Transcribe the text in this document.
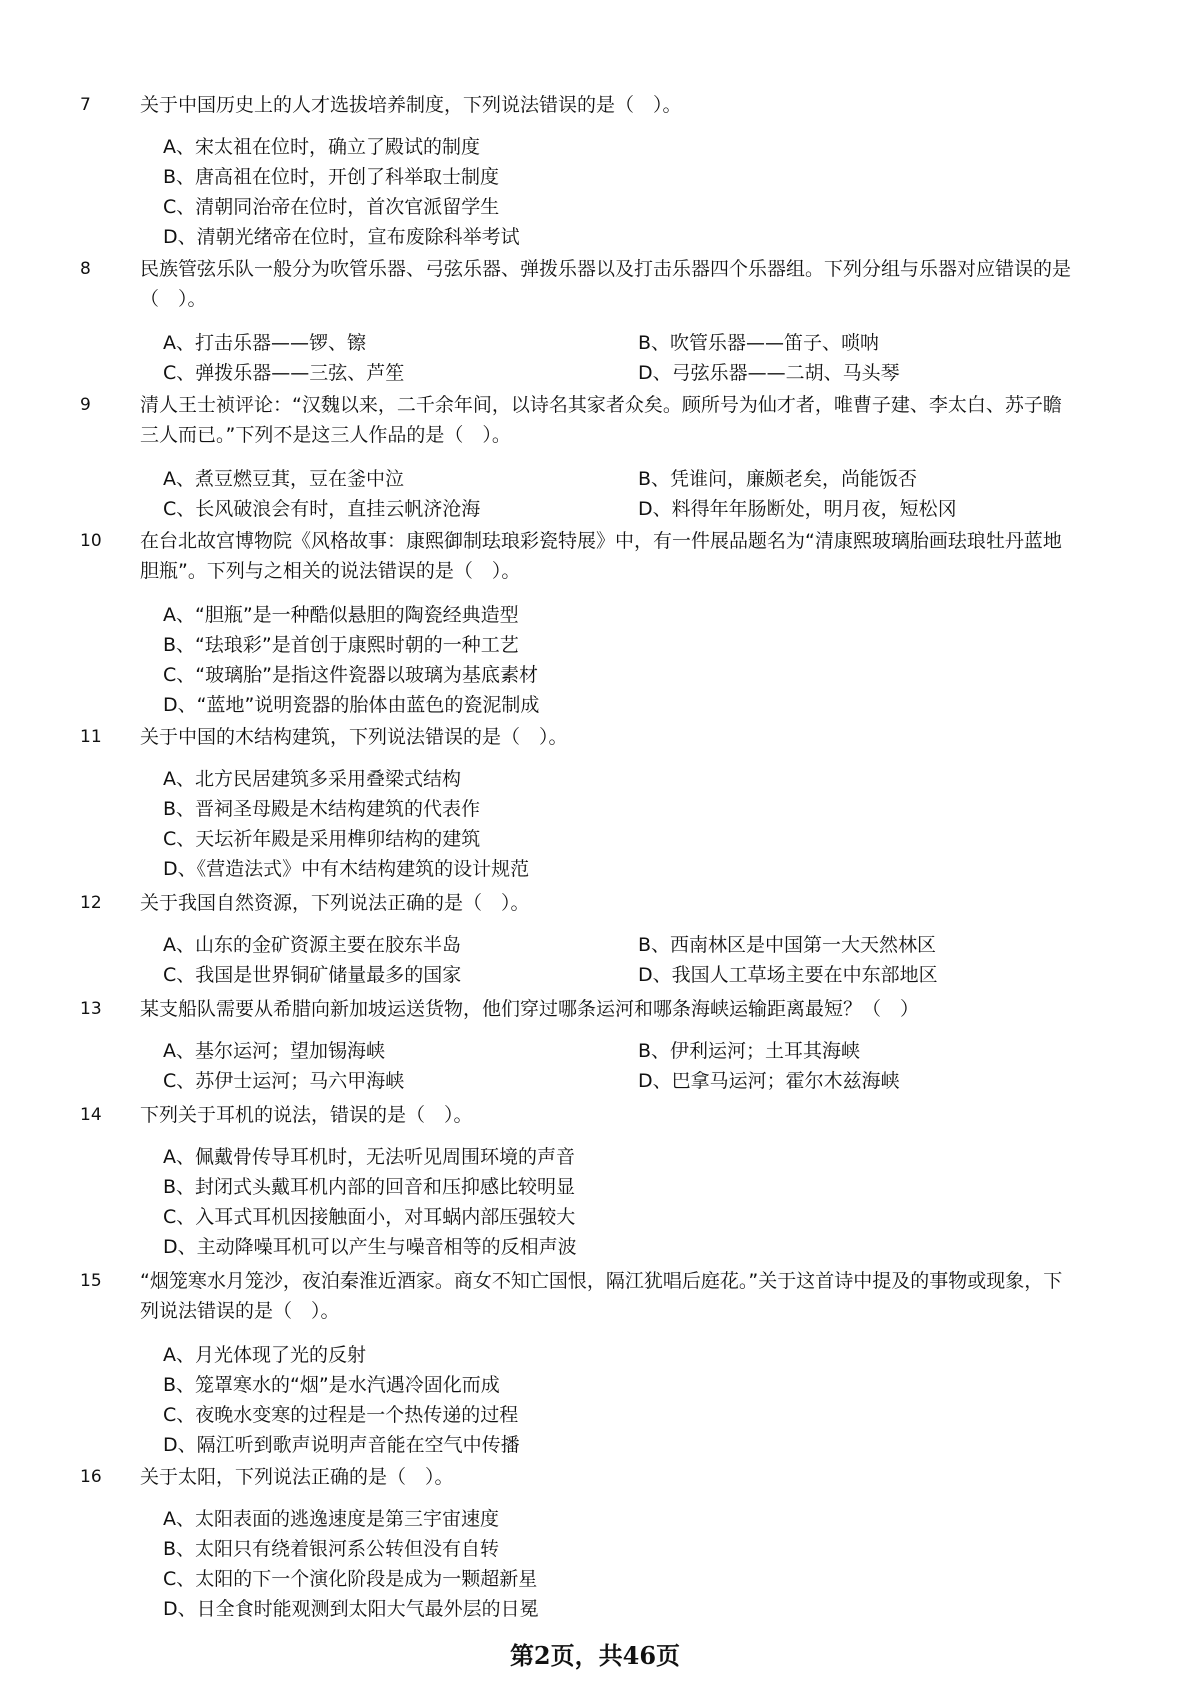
7	关于中国历史上的人才选拔培养制度，下列说法错误的是（　）。
A、宋太祖在位时，确立了殿试的制度
B、唐高祖在位时，开创了科举取士制度
C、清朝同治帝在位时，首次官派留学生
D、清朝光绪帝在位时，宣布废除科举考试
8	民族管弦乐队一般分为吹管乐器、弓弦乐器、弹拨乐器以及打击乐器四个乐器组。下列分组与乐器对应错误的是（　）。
A、打击乐器——锣、镲	B、吹管乐器——笛子、唢呐
C、弹拨乐器——三弦、芦笙	D、弓弦乐器——二胡、马头琴
9	清人王士祯评论：“汉魏以来，二千余年间，以诗名其家者众矣。顾所号为仙才者，唯曹子建、李太白、苏子瞻三人而已。”下列不是这三人作品的是（　）。
A、煮豆燃豆萁，豆在釜中泣	B、凭谁问，廉颇老矣，尚能饭否
C、长风破浪会有时，直挂云帆济沧海	D、料得年年肠断处，明月夜，短松冈
10 在台北故宫博物院《风格故事：康熙御制珐琅彩瓷特展》中，有一件展品题名为“清康熙玻璃胎画珐琅牡丹蓝地胆瓶”。下列与之相关的说法错误的是（　）。
A、“胆瓶”是一种酷似悬胆的陶瓷经典造型
B、“珐琅彩”是首创于康熙时朝的一种工艺
C、“玻璃胎”是指这件瓷器以玻璃为基底素材
D、“蓝地”说明瓷器的胎体由蓝色的瓷泥制成
11 关于中国的木结构建筑，下列说法错误的是（　）。
A、北方民居建筑多采用叠梁式结构
B、晋祠圣母殿是木结构建筑的代表作
C、天坛祈年殿是采用榫卯结构的建筑
D、《营造法式》中有木结构建筑的设计规范
12 关于我国自然资源，下列说法正确的是（　）。
A、山东的金矿资源主要在胶东半岛	B、西南林区是中国第一大天然林区
C、我国是世界铜矿储量最多的国家	D、我国人工草场主要在中东部地区
13 某支船队需要从希腊向新加坡运送货物，他们穿过哪条运河和哪条海峡运输距离最短？（　）
A、基尔运河；望加锡海峡	B、伊利运河；土耳其海峡
C、苏伊士运河；马六甲海峡	D、巴拿马运河；霍尔木兹海峡
14 下列关于耳机的说法，错误的是（　）。
A、佩戴骨传导耳机时，无法听见周围环境的声音
B、封闭式头戴耳机内部的回音和压抑感比较明显
C、入耳式耳机因接触面小，对耳蜗内部压强较大
D、主动降噪耳机可以产生与噪音相等的反相声波
15 “烟笼寒水月笼沙，夜泊秦淮近酒家。商女不知亡国恨，隔江犹唱后庭花。”关于这首诗中提及的事物或现象，下列说法错误的是（　）。
A、月光体现了光的反射
B、笼罩寒水的“烟”是水汽遇冷固化而成
C、夜晚水变寒的过程是一个热传递的过程
D、隔江听到歌声说明声音能在空气中传播
16 关于太阳，下列说法正确的是（　）。
A、太阳表面的逃逸速度是第三宇宙速度
B、太阳只有绕着银河系公转但没有自转
C、太阳的下一个演化阶段是成为一颗超新星
D、日全食时能观测到太阳大气最外层的日冕
第2页，共46页
